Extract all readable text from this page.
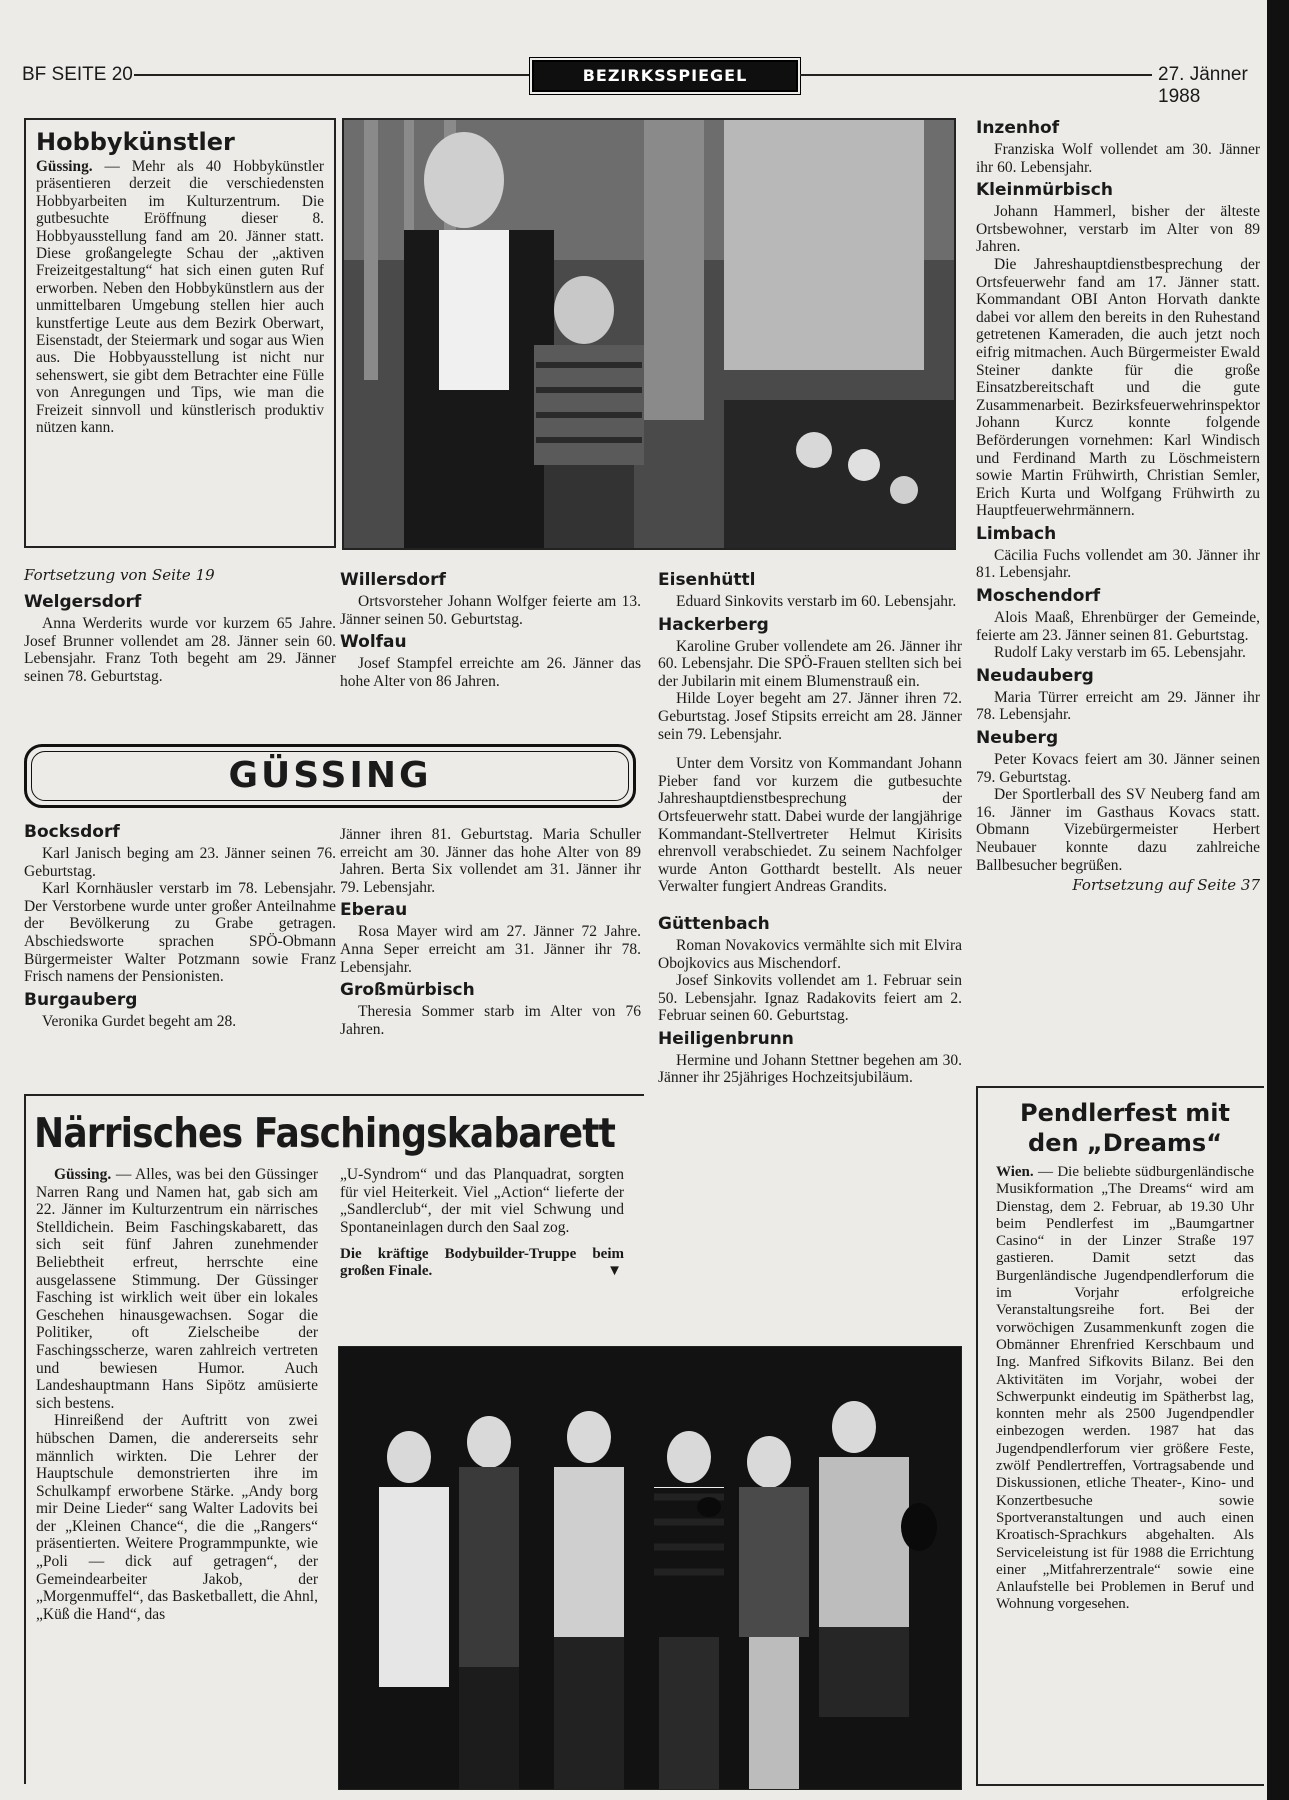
BF SEITE 20	BEZIRKSSPIEGEL	27. Jänner 1988
Hobbykünstler
Güssing. — Mehr als 40 Hobbykünstler präsentieren derzeit die verschiedensten Hobbyarbeiten im Kulturzentrum. Die gutbesuchte Eröffnung dieser 8. Hobbyausstellung fand am 20. Jänner statt. Diese großangelegte Schau der „aktiven Freizeitgestaltung“ hat sich einen guten Ruf erworben. Neben den Hobbykünstlern aus der unmittelbaren Umgebung stellen hier auch kunstfertige Leute aus dem Bezirk Oberwart, Eisenstadt, der Steiermark und sogar aus Wien aus. Die Hobbyausstellung ist nicht nur sehenswert, sie gibt dem Betrachter eine Fülle von Anregungen und Tips, wie man die Freizeit sinnvoll und künstlerisch produktiv nützen kann.
Fortsetzung von Seite 19
Welgersdorf

Anna Werderits wurde vor kurzem 65 Jahre. Josef Brunner vollendet am 28. Jänner sein 60. Lebensjahr. Franz Toth begeht am 29. Jänner seinen 78. Geburtstag.

Willersdorf

Ortsvorsteher Johann Wolfger feierte am 13. Jänner seinen 50. Geburtstag.

Wolfau

Josef Stampfel erreichte am 26. Jänner das hohe Alter von 86 Jahren.

GÜSSING
Bocksdorf

Karl Janisch beging am 23. Jänner seinen 76. Geburtstag.

Karl Kornhäusler verstarb im 78. Lebensjahr. Der Verstorbene wurde unter großer Anteilnahme der Bevölkerung zu Grabe getragen. Abschiedsworte sprachen SPÖ-Obmann Bürgermeister Walter Potzmann sowie Franz Frisch namens der Pensionisten.

Burgauberg

Veronika Gurdet begeht am 28.

Jänner ihren 81. Geburtstag. Maria Schuller erreicht am 30. Jänner das hohe Alter von 89 Jahren. Berta Six vollendet am 31. Jänner ihr 79. Lebensjahr.

Eberau

Rosa Mayer wird am 27. Jänner 72 Jahre. Anna Seper erreicht am 31. Jänner ihr 78. Lebensjahr.

Großmürbisch

Theresia Sommer starb im Alter von 76 Jahren.

Eisenhüttl

Eduard Sinkovits verstarb im 60. Lebensjahr.

Hackerberg

Karoline Gruber vollendete am 26. Jänner ihr 60. Lebensjahr. Die SPÖ-Frauen stellten sich bei der Jubilarin mit einem Blumenstrauß ein.

Hilde Loyer begeht am 27. Jänner ihren 72. Geburtstag. Josef Stipsits erreicht am 28. Jänner sein 79. Lebensjahr.

Unter dem Vorsitz von Kommandant Johann Pieber fand vor kurzem die gutbesuchte Jahreshauptdienstbesprechung der Ortsfeuerwehr statt. Dabei wurde der langjährige Kommandant-Stellvertreter Helmut Kirisits ehrenvoll verabschiedet. Zu seinem Nachfolger wurde Anton Gotthardt bestellt. Als neuer Verwalter fungiert Andreas Grandits.

Güttenbach

Roman Novakovics vermählte sich mit Elvira Obojkovics aus Mischendorf.

Josef Sinkovits vollendet am 1. Februar sein 50. Lebensjahr. Ignaz Radakovits feiert am 2. Februar seinen 60. Geburtstag.

Heiligenbrunn

Hermine und Johann Stettner begehen am 30. Jänner ihr 25jähriges Hochzeitsjubiläum.

Inzenhof

Franziska Wolf vollendet am 30. Jänner ihr 60. Lebensjahr.

Kleinmürbisch

Johann Hammerl, bisher der älteste Ortsbewohner, verstarb im Alter von 89 Jahren.

Die Jahreshauptdienstbesprechung der Ortsfeuerwehr fand am 17. Jänner statt. Kommandant OBI Anton Horvath dankte dabei vor allem den bereits in den Ruhestand getretenen Kameraden, die auch jetzt noch eifrig mitmachen. Auch Bürgermeister Ewald Steiner dankte für die große Einsatzbereitschaft und die gute Zusammenarbeit. Bezirksfeuerwehrinspektor Johann Kurcz konnte folgende Beförderungen vornehmen: Karl Windisch und Ferdinand Marth zu Löschmeistern sowie Martin Frühwirth, Christian Semler, Erich Kurta und Wolfgang Frühwirth zu Hauptfeuerwehrmännern.

Limbach

Cäcilia Fuchs vollendet am 30. Jänner ihr 81. Lebensjahr.

Moschendorf

Alois Maaß, Ehrenbürger der Gemeinde, feierte am 23. Jänner seinen 81. Geburtstag.

Rudolf Laky verstarb im 65. Lebensjahr.

Neudauberg

Maria Türrer erreicht am 29. Jänner ihr 78. Lebensjahr.

Neuberg

Peter Kovacs feiert am 30. Jänner seinen 79. Geburtstag.

Der Sportlerball des SV Neuberg fand am 16. Jänner im Gasthaus Kovacs statt. Obmann Vizebürgermeister Herbert Neubauer konnte dazu zahlreiche Ballbesucher begrüßen.

Fortsetzung auf Seite 37
Pendlerfest mit den „Dreams“
Wien. — Die beliebte südburgenländische Musikformation „The Dreams“ wird am Dienstag, dem 2. Februar, ab 19.30 Uhr beim Pendlerfest im „Baumgartner Casino“ in der Linzer Straße 197 gastieren. Damit setzt das Burgenländische Jugendpendlerforum die im Vorjahr erfolgreiche Veranstaltungsreihe fort. Bei der vorwöchigen Zusammenkunft zogen die Obmänner Ehrenfried Kerschbaum und Ing. Manfred Sifkovits Bilanz. Bei den Aktivitäten im Vorjahr, wobei der Schwerpunkt eindeutig im Spätherbst lag, konnten mehr als 2500 Jugendpendler einbezogen werden. 1987 hat das Jugendpendlerforum vier größere Feste, zwölf Pendlertreffen, Vortragsabende und Diskussionen, etliche Theater-, Kino- und Konzertbesuche sowie Sportveranstaltungen und auch einen Kroatisch-Sprachkurs abgehalten. Als Serviceleistung ist für 1988 die Errichtung einer „Mitfahrerzentrale“ sowie eine Anlaufstelle bei Problemen in Beruf und Wohnung vorgesehen.
Närrisches Faschingskabarett

Güssing. — Alles, was bei den Güssinger Narren Rang und Namen hat, gab sich am 22. Jänner im Kulturzentrum ein närrisches Stelldichein. Beim Faschingskabarett, das sich seit fünf Jahren zunehmender Beliebtheit erfreut, herrschte eine ausgelassene Stimmung. Der Güssinger Fasching ist wirklich weit über ein lokales Geschehen hinausgewachsen. Sogar die Politiker, oft Zielscheibe der Faschingsscherze, waren zahlreich vertreten und bewiesen Humor. Auch Landeshauptmann Hans Sipötz amüsierte sich bestens.

Hinreißend der Auftritt von zwei hübschen Damen, die andererseits sehr männlich wirkten. Die Lehrer der Hauptschule demonstrierten ihre im Schulkampf erworbene Stärke. „Andy borg mir Deine Lieder“ sang Walter Ladovits bei der „Kleinen Chance“, die die „Rangers“ präsentierten. Weitere Programmpunkte, wie „Poli — dick auf getragen“, der Gemeindearbeiter Jakob, der „Morgenmuffel“, das Basketballett, die Ahnl, „Küß die Hand“, das

„U-Syndrom“ und das Planquadrat, sorgten für viel Heiterkeit. Viel „Action“ lieferte der „Sandlerclub“, der mit viel Schwung und Spontaneinlagen durch den Saal zog.

Die kräftige Bodybuilder-Truppe beim großen Finale.	▼
